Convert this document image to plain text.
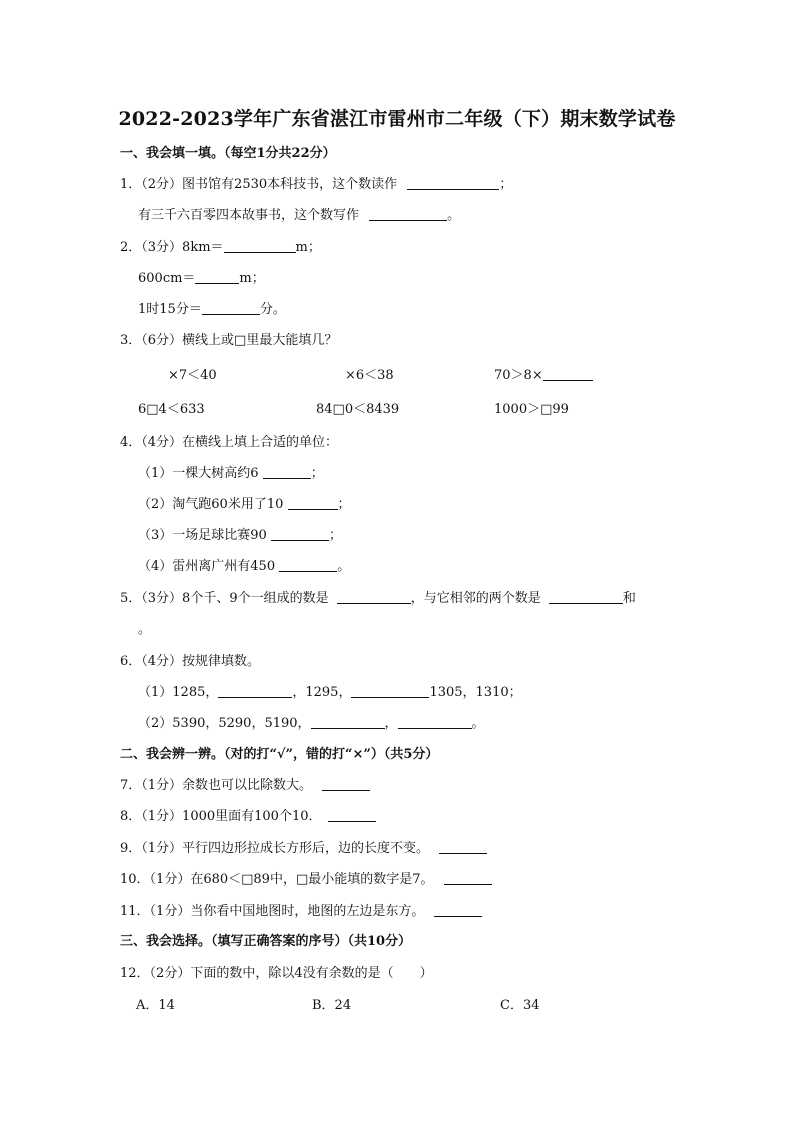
2022-2023学年广东省湛江市雷州市二年级（下）期末数学试卷
一、我会填一填。（每空1分共22分）
1．（2分）图书馆有2530本科技书，这个数读作	；
有三千六百零四本故事书，这个数写作	。
2．（3分）8km＝	m；
600cm＝	m；
1时15分＝	分。
3．（6分）横线上或□里最大能填几？
×7＜40	×6＜38	70＞8×
6□4＜633	84□0＜8439	1000＞□99
4．（4分）在横线上填上合适的单位：
（1）一棵大树高约6	；
（2）淘气跑60米用了10	；
（3）一场足球比赛90	；
（4）雷州离广州有450	。
5．（3分）8个千、9个一组成的数是	，与它相邻的两个数是	和
。
6．（4分）按规律填数。
（1）1285，	，1295，	1305，1310；
（2）5390，5290，5190，	，	。
二、我会辨一辨。（对的打“√”，错的打“×”）（共5分）
7．（1分）余数也可以比除数大。
8．（1分）1000里面有100个10．
9．（1分）平行四边形拉成长方形后，边的长度不变。
10．（1分）在680＜□89中，□最小能填的数字是7。
11．（1分）当你看中国地图时，地图的左边是东方。
三、我会选择。（填写正确答案的序号）（共10分）
12．（2分）下面的数中，除以4没有余数的是（　　）
A．14	B．24	C．34
